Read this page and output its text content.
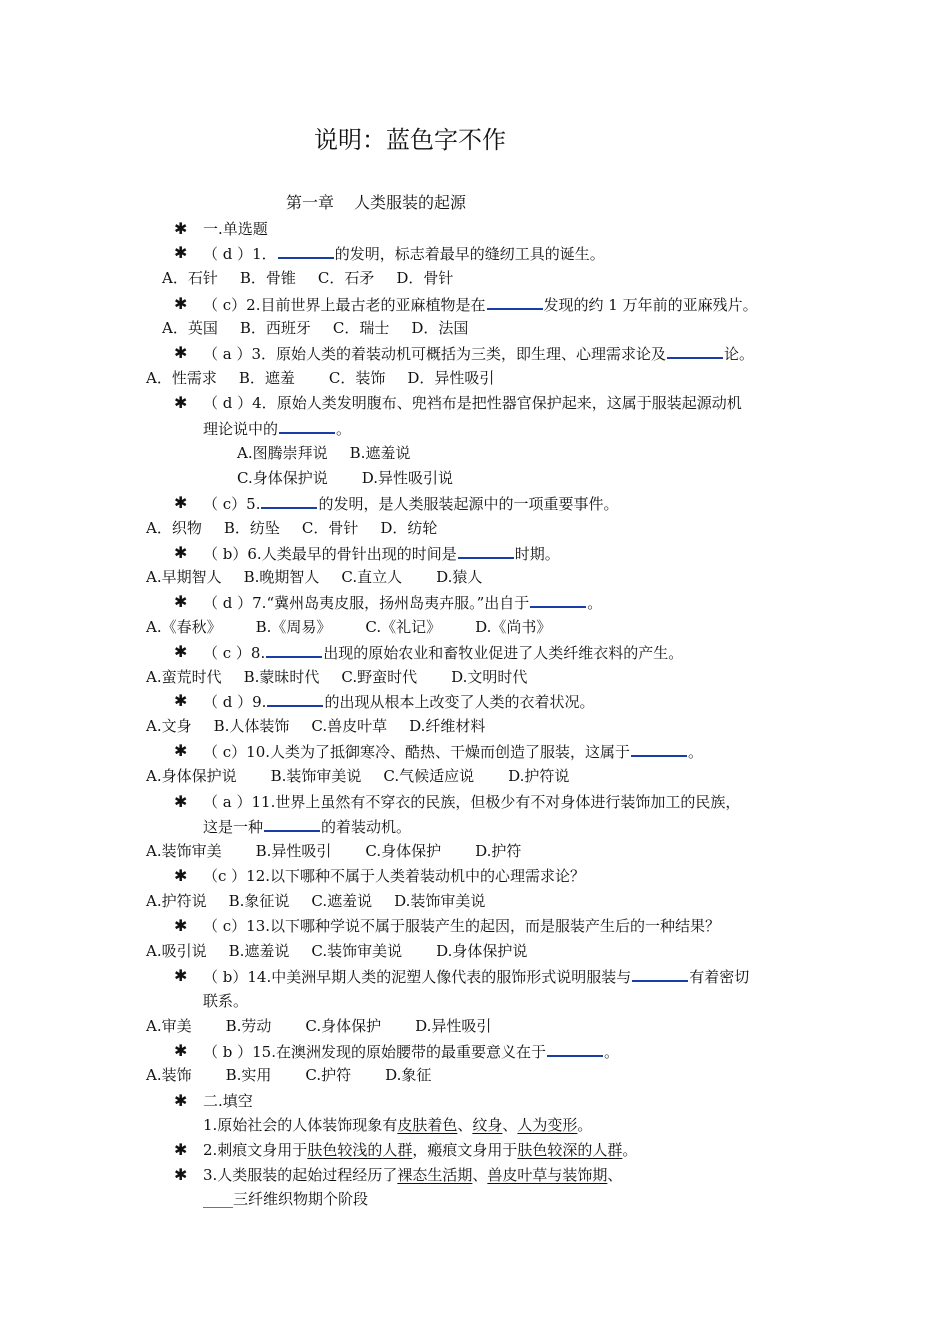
说明：蓝色字不作
第一章 人类服装的起源
✱ 一.单选题
✱ （ d ）1．	的发明，标志着最早的缝纫工具的诞生。
A．石针 B．骨锥 C．石矛 D．骨针
✱ （ c）2.目前世界上最古老的亚麻植物是在	发现的约 1 万年前的亚麻残片。
A．英国 B．西班牙 C．瑞士 D．法国
✱ （ a ）3．原始人类的着装动机可概括为三类，即生理、心理需求论及	论。
A．性需求 B．遮羞 C．装饰 D．异性吸引
✱ （ d ）4．原始人类发明腹布、兜裆布是把性器官保护起来，这属于服装起源动机
理论说中的	。
A.图腾崇拜说 B.遮羞说
C.身体保护说 D.异性吸引说
✱ （ c）5.	的发明，是人类服装起源中的一项重要事件。
A．织物 B．纺坠 C．骨针 D．纺轮
✱ （ b）6.人类最早的骨针出现的时间是	时期。
A.早期智人 B.晚期智人 C.直立人 D.猿人
✱ （ d ）7.“冀州岛夷皮服，扬州岛夷卉服。”出自于	。
A.《春秋》 B.《周易》 C.《礼记》 D.《尚书》
✱ （ c ）8.	出现的原始农业和畜牧业促进了人类纤维衣料的产生。
A.蛮荒时代 B.蒙昧时代 C.野蛮时代 D.文明时代
✱ （ d ）9.	的出现从根本上改变了人类的衣着状况。
A.文身 B.人体装饰 C.兽皮叶草 D.纤维材料
✱ （ c）10.人类为了抵御寒冷、酷热、干燥而创造了服装，这属于	。
A.身体保护说 B.装饰审美说 C.气候适应说 D.护符说
✱ （ a ）11.世界上虽然有不穿衣的民族，但极少有不对身体进行装饰加工的民族，
这是一种	的着装动机。
A.装饰审美 B.异性吸引 C.身体保护 D.护符
✱ （c ）12.以下哪种不属于人类着装动机中的心理需求论？
A.护符说 B.象征说 C.遮羞说 D.装饰审美说
✱ （ c）13.以下哪种学说不属于服装产生的起因，而是服装产生后的一种结果？
A.吸引说 B.遮羞说 C.装饰审美说 D.身体保护说
✱ （ b）14.中美洲早期人类的泥塑人像代表的服饰形式说明服装与	有着密切
联系。
A.审美 B.劳动 C.身体保护 D.异性吸引
✱ （ b ）15.在澳洲发现的原始腰带的最重要意义在于	。
A.装饰 B.实用 C.护符 D.象征
✱ 二.填空
1.原始社会的人体装饰现象有皮肤着色、纹身、人为变形。
✱ 2.刺痕文身用于肤色较浅的人群，瘢痕文身用于肤色较深的人群。
✱ 3.人类服装的起始过程经历了裸态生活期、兽皮叶草与装饰期、
____三纤维织物期个阶段
